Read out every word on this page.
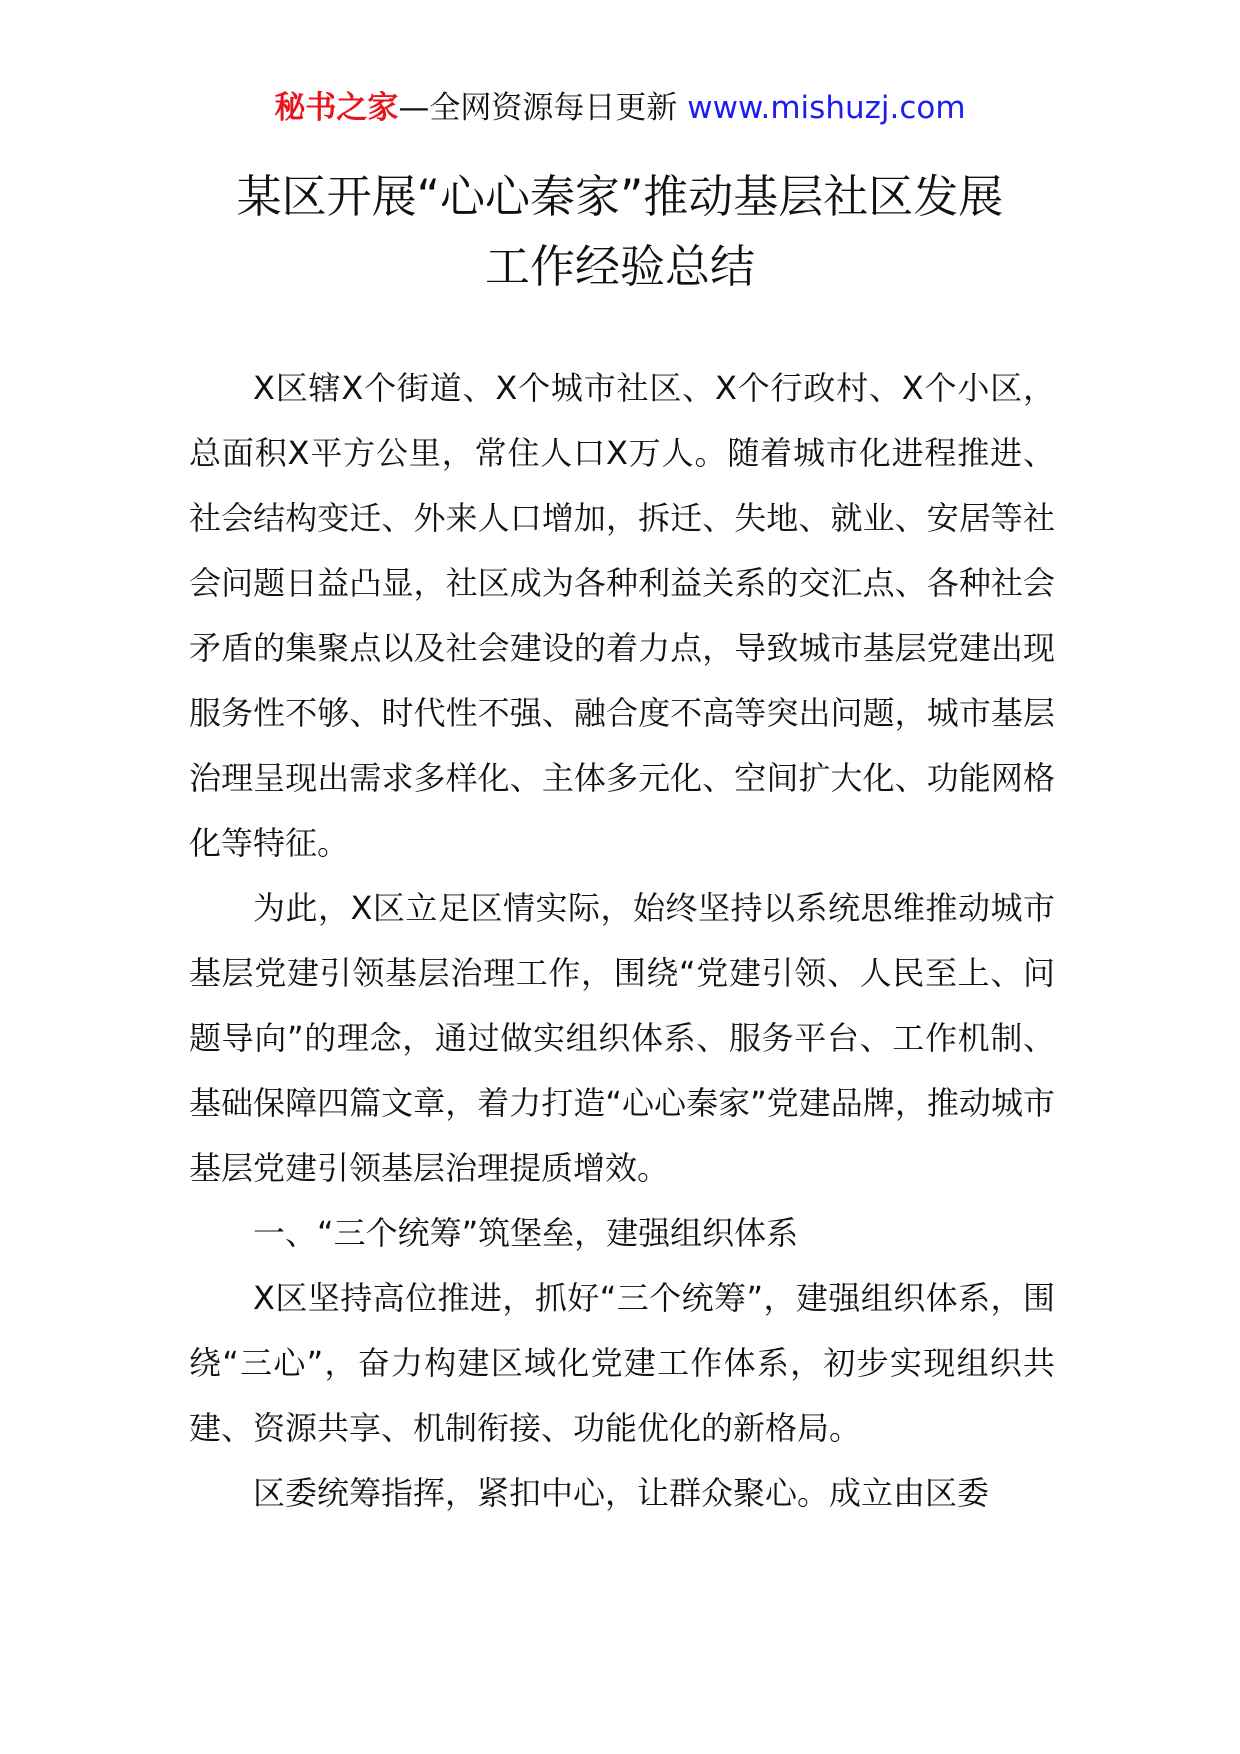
秘书之家—全网资源每日更新 www.mishuzj.com
某区开展“心心秦家”推动基层社区发展
工作经验总结

X区辖X个街道、X个城市社区、X个行政村、X个小区，总面积X平方公里，常住人口X万人。随着城市化进程推进、社会结构变迁、外来人口增加，拆迁、失地、就业、安居等社会问题日益凸显，社区成为各种利益关系的交汇点、各种社会矛盾的集聚点以及社会建设的着力点，导致城市基层党建出现服务性不够、时代性不强、融合度不高等突出问题，城市基层治理呈现出需求多样化、主体多元化、空间扩大化、功能网格化等特征。

为此，X区立足区情实际，始终坚持以系统思维推动城市基层党建引领基层治理工作，围绕“党建引领、人民至上、问题导向”的理念，通过做实组织体系、服务平台、工作机制、基础保障四篇文章，着力打造“心心秦家”党建品牌，推动城市基层党建引领基层治理提质增效。

一、“三个统筹”筑堡垒，建强组织体系

X区坚持高位推进，抓好“三个统筹”，建强组织体系，围绕“三心”，奋力构建区域化党建工作体系，初步实现组织共建、资源共享、机制衔接、功能优化的新格局。

区委统筹指挥，紧扣中心，让群众聚心。成立由区委
